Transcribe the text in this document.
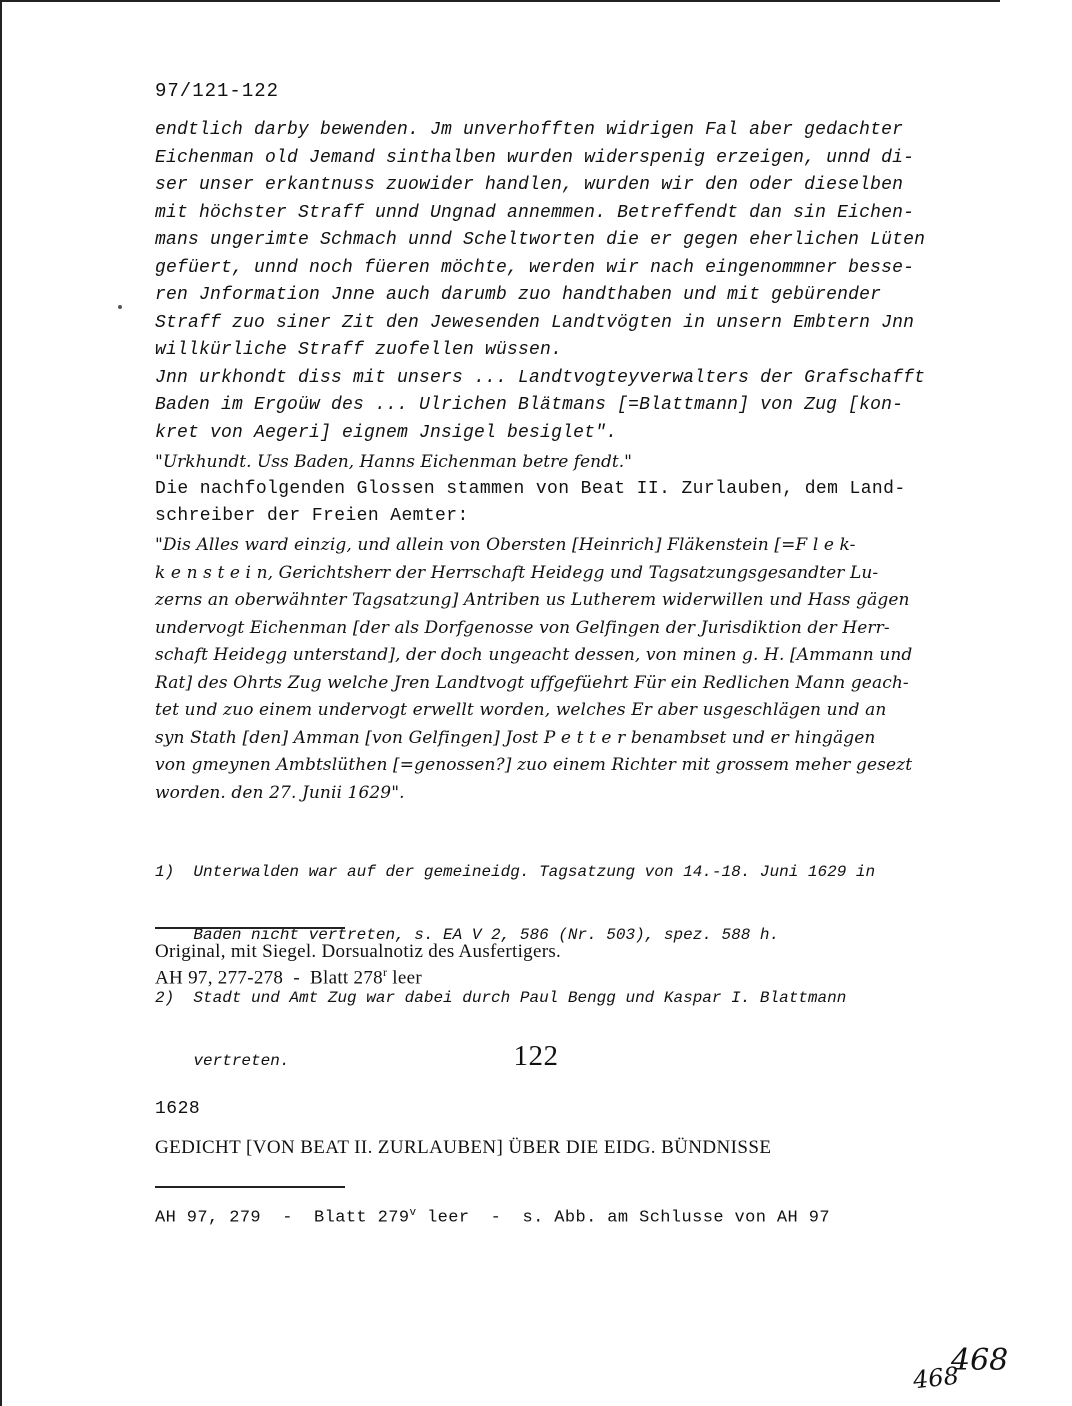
97/121-122
endtlich darby bewenden. Jm unverhofften widrigen Fal aber gedachter
Eichenman old Jemand sinthalben wurden widerspenig erzeigen, unnd di-
ser unser erkantnuss zuowider handlen, wurden wir den oder dieselben
mit höchster Straff unnd Ungnad annemmen. Betreffendt dan sin Eichen-
mans ungerimte Schmach unnd Scheltworten die er gegen eherlichen Lüten
gefüert, unnd noch füeren möchte, werden wir nach eingenommner besse-
ren Jnformation Jnne auch darumb zuo handthaben und mit gebürender
Straff zuo siner Zit den Jewesenden Landtvögten in unsern Embtern Jnn
willkürliche Straff zuofellen wüssen.
Jnn urkhondt diss mit unsers ... Landtvogteyverwalters der Grafschafft
Baden im Ergoüw des ... Ulrichen Blätmans [=Blattmann] von Zug [kon-
kret von Aegeri] eignem Jnsigel besiglet".
"Urkhundt. Uss Baden, Hanns Eichenman betre fendt."
Die nachfolgenden Glossen stammen von Beat II. Zurlauben, dem Land-
schreiber der Freien Aemter:
"Dis Alles ward einzig, und allein von Obersten [Heinrich] Fläkenstein [=F l e k-
k e n s t e i n, Gerichtsherr der Herrschaft Heidegg und Tagsatzungsgesandter Lu-
zerns an oberwähnter Tagsatzung] Antriben us Lutherem widerwillen und Hass gägen
undervogt Eichenman [der als Dorfgenosse von Gelfingen der Jurisdiktion der Herr-
schaft Heidegg unterstand], der doch ungeacht dessen, von minen g. H. [Ammann und
Rat] des Ohrts Zug welche Jren Landtvogt uffgefüehrt Für ein Redlichen Mann geach-
tet und zuo einem undervogt erwellt worden, welches Er aber usgeschlägen und an
syn Stath [den] Amman [von Gelfingen] Jost P e t t e r benambset und er hingägen
von gmeynen Ambtslüthen [=genossen?] zuo einem Richter mit grossem meher gesezt
worden. den 27. Junii 1629".

1)  Unterwalden war auf der gemeineidg. Tagsatzung von 14.-18. Juni 1629 in

Baden nicht vertreten, s. EA V 2, 586 (Nr. 503), spez. 588 h.

2)  Stadt und Amt Zug war dabei durch Paul Bengg und Kaspar I. Blattmann

vertreten.

Original, mit Siegel. Dorsualnotiz des Ausfertigers.
AH 97, 277-278  -  Blatt 278$^r$ leer
122
1628
GEDICHT [VON BEAT II. ZURLAUBEN] ÜBER DIE EIDG. BÜNDNISSE
AH 97, 279  -  Blatt 279$^v$ leer  -  s. Abb. am Schlusse von AH 97
468
468
